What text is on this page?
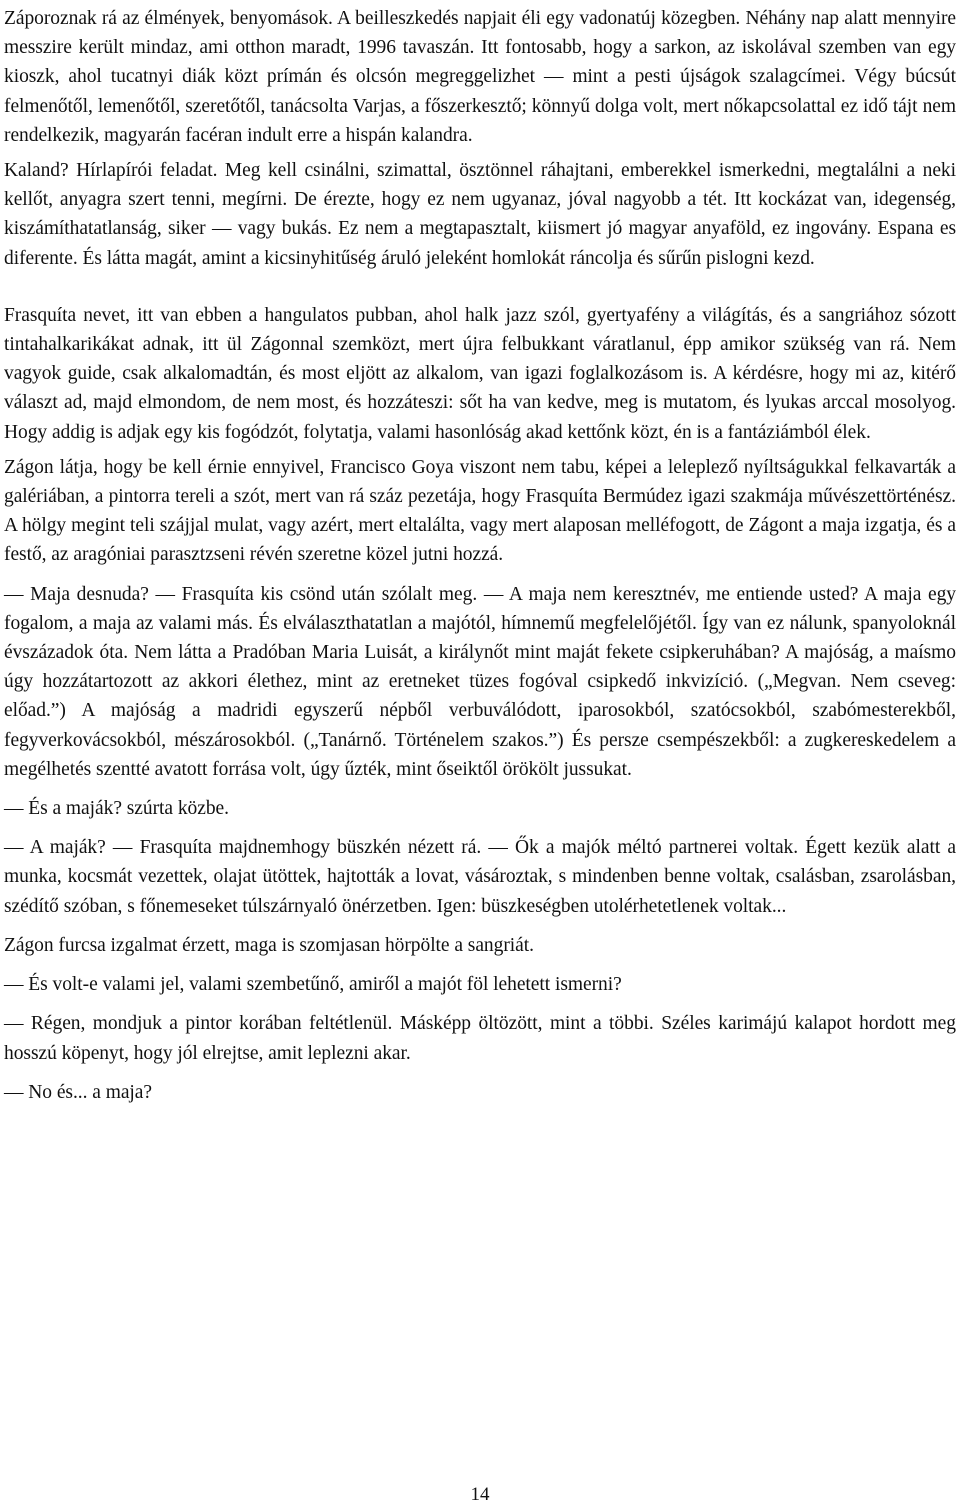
Záporoznak rá az élmények, benyomások. A beilleszkedés napjait éli egy vadonatúj közegben. Néhány nap alatt mennyire messzire került mindaz, ami otthon maradt, 1996 tavaszán. Itt fontosabb, hogy a sarkon, az iskolával szemben van egy kioszk, ahol tucatnyi diák közt prímán és olcsón megreggelizhet — mint a pesti újságok szalagcímei. Végy búcsút felmenőtől, lemenőtől, szeretőtől, tanácsolta Varjas, a főszerkesztő; könnyű dolga volt, mert nőkapcsolattal ez idő tájt nem rendelkezik, magyarán facéran indult erre a hispán kalandra.

Kaland? Hírlapírói feladat. Meg kell csinálni, szimattal, ösztönnel ráhajtani, emberekkel ismerkedni, megtalálni a neki kellőt, anyagra szert tenni, megírni. De érezte, hogy ez nem ugyanaz, jóval nagyobb a tét. Itt kockázat van, idegenség, kiszámíthatatlanság, siker — vagy bukás. Ez nem a megtapasztalt, kiismert jó magyar anyaföld, ez ingovány. Espana es diferente. És látta magát, amint a kicsinyhitűség áruló jeleként homlokát ráncolja és sűrűn pislogni kezd.

Frasquíta nevet, itt van ebben a hangulatos pubban, ahol halk jazz szól, gyertyafény a világítás, és a sangriához sózott tintahalkarikákat adnak, itt ül Zágonnal szemközt, mert újra felbukkant váratlanul, épp amikor szükség van rá. Nem vagyok guide, csak alkalomadtán, és most eljött az alkalom, van igazi foglalkozásom is. A kérdésre, hogy mi az, kitérő választ ad, majd elmondom, de nem most, és hozzáteszi: sőt ha van kedve, meg is mutatom, és lyukas arccal mosolyog. Hogy addig is adjak egy kis fogódzót, folytatja, valami hasonlóság akad kettőnk közt, én is a fantáziámból élek.

Zágon látja, hogy be kell érnie ennyivel, Francisco Goya viszont nem tabu, képei a leleplező nyíltságukkal felkavarták a galériában, a pintorra tereli a szót, mert van rá száz pezetája, hogy Frasquíta Bermúdez igazi szakmája művészettörténész. A hölgy megint teli szájjal mulat, vagy azért, mert eltalálta, vagy mert alaposan melléfogott, de Zágont a maja izgatja, és a festő, az aragóniai parasztzseni révén szeretne közel jutni hozzá.

— Maja desnuda? — Frasquíta kis csönd után szólalt meg. — A maja nem keresztnév, me entiende usted? A maja egy fogalom, a maja az valami más. És elválaszthatatlan a majótól, hímnemű megfelelőjétől. Így van ez nálunk, spanyoloknál évszázadok óta. Nem látta a Pradóban Maria Luisát, a királynőt mint maját fekete csipkeruhában? A majóság, a maísmo úgy hozzátartozott az akkori élethez, mint az eretneket tüzes fogóval csipkedő inkvizíció. („Megvan. Nem cseveg: előad.”) A majóság a madridi egyszerű népből verbuválódott, iparosokból, szatócsokból, szabómesterekből, fegyverkovácsokból, mészárosokból. („Tanárnő. Történelem szakos.”) És persze csempészekből: a zugkereskedelem a megélhetés szentté avatott forrása volt, úgy űzték, mint őseiktől örökölt jussukat.

— És a maják? szúrta közbe.

— A maják? — Frasquíta majdnemhogy büszkén nézett rá. — Ők a majók méltó partnerei voltak. Égett kezük alatt a munka, kocsmát vezettek, olajat ütöttek, hajtották a lovat, vásároztak, s mindenben benne voltak, csalásban, zsarolásban, szédítő szóban, s főnemeseket túlszárnyaló önérzetben. Igen: büszkeségben utolérhetetlenek voltak...

Zágon furcsa izgalmat érzett, maga is szomjasan hörpölte a sangriát.

— És volt-e valami jel, valami szembetűnő, amiről a majót föl lehetett ismerni?

— Régen, mondjuk a pintor korában feltétlenül. Másképp öltözött, mint a többi. Széles karimájú kalapot hordott meg hosszú köpenyt, hogy jól elrejtse, amit leplezni akar.

— No és... a maja?

14
